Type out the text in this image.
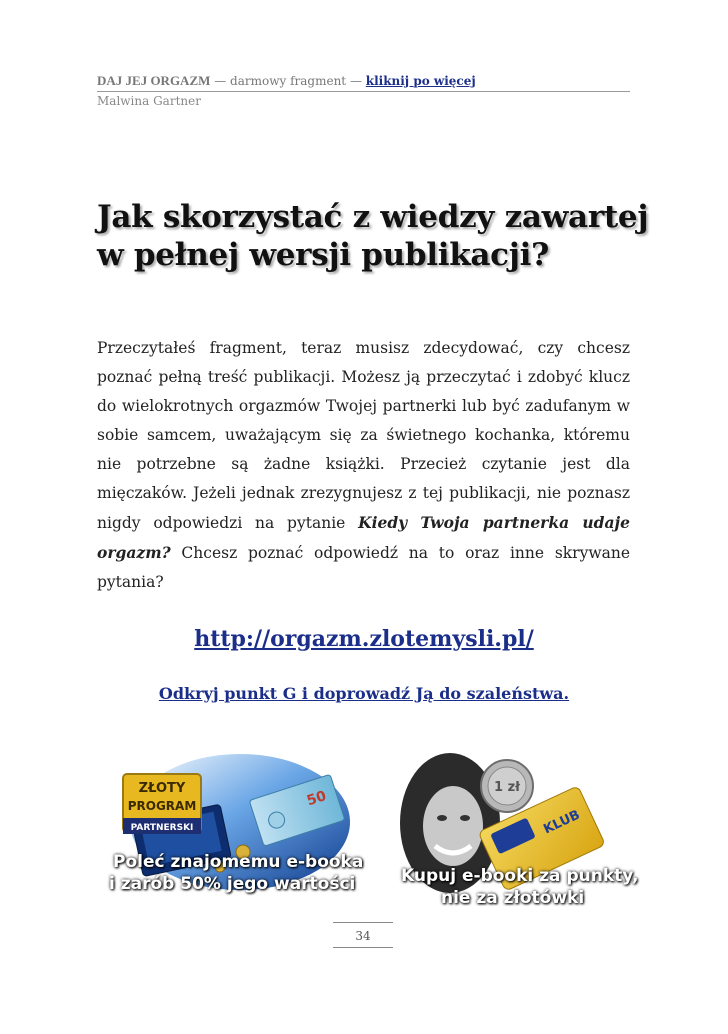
DAJ JEJ ORGAZM — darmowy fragment — kliknij po więcej
Malwina Gartner
Jak skorzystać z wiedzy zawartej
w pełnej wersji publikacji?
Przeczytałeś fragment, teraz musisz zdecydować, czy chcesz poznać pełną treść publikacji. Możesz ją przeczytać i zdobyć klucz do wielokrotnych orgazmów Twojej partnerki lub być zadufanym w sobie samcem, uważającym się za świetnego kochanka, któremu nie potrzebne są żadne książki. Przecież czytanie jest dla mięczaków. Jeżeli jednak zrezygnujesz z tej publikacji, nie poznasz nigdy odpowiedzi na pytanie Kiedy Twoja partnerka udaje orgazm? Chcesz poznać odpowiedź na to oraz inne skrywane pytania?
http://orgazm.zlotemysli.pl/
Odkryj punkt G i doprowadź Ją do szaleństwa.
50
ZŁOTY
PROGRAM
PARTNERSKI
Poleć znajomemu e-booka
i zarób 50% jego wartości
KLUB
1 zł
Kupuj e-booki za punkty,
nie za złotówki
34
